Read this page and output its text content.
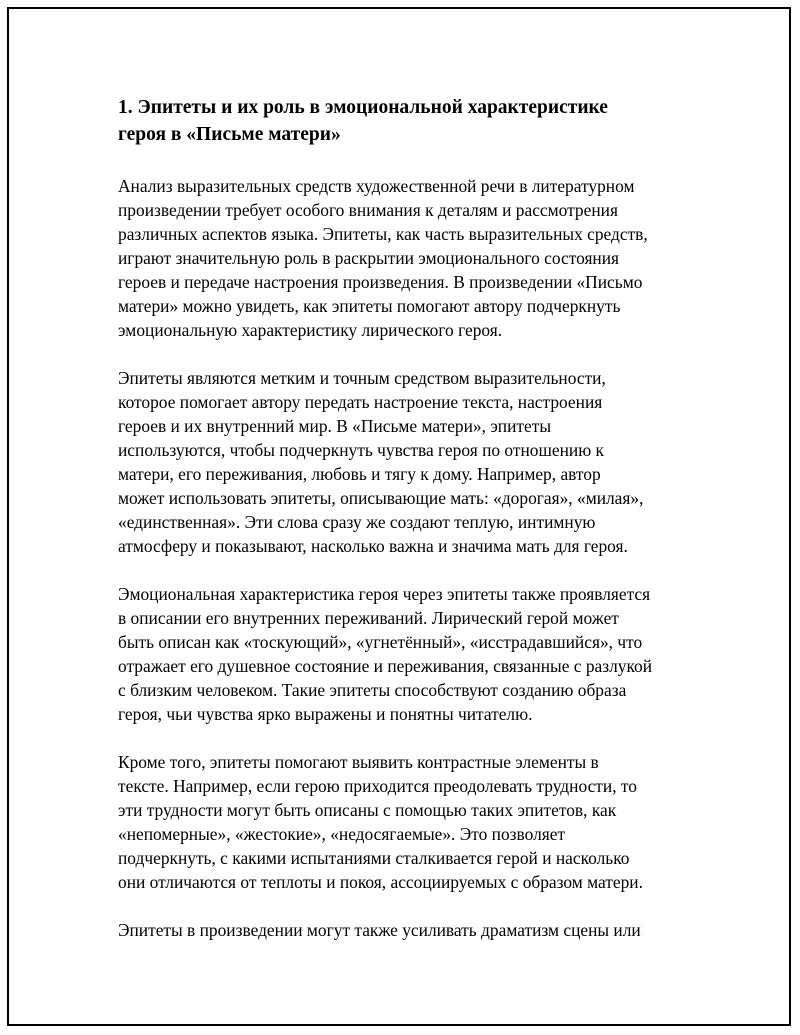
1. Эпитеты и их роль в эмоциональной характеристике
героя в «Письме матери»

Анализ выразительных средств художественной речи в литературном
произведении требует особого внимания к деталям и рассмотрения
различных аспектов языка. Эпитеты, как часть выразительных средств,
играют значительную роль в раскрытии эмоционального состояния
героев и передаче настроения произведения. В произведении «Письмо
матери» можно увидеть, как эпитеты помогают автору подчеркнуть
эмоциональную характеристику лирического героя.

Эпитеты являются метким и точным средством выразительности,
которое помогает автору передать настроение текста, настроения
героев и их внутренний мир. В «Письме матери», эпитеты
используются, чтобы подчеркнуть чувства героя по отношению к
матери, его переживания, любовь и тягу к дому. Например, автор
может использовать эпитеты, описывающие мать: «дорогая», «милая»,
«единственная». Эти слова сразу же создают теплую, интимную
атмосферу и показывают, насколько важна и значима мать для героя.

Эмоциональная характеристика героя через эпитеты также проявляется
в описании его внутренних переживаний. Лирический герой может
быть описан как «тоскующий», «угнетённый», «исстрадавшийся», что
отражает его душевное состояние и переживания, связанные с разлукой
с близким человеком. Такие эпитеты способствуют созданию образа
героя, чьи чувства ярко выражены и понятны читателю.

Кроме того, эпитеты помогают выявить контрастные элементы в
тексте. Например, если герою приходится преодолевать трудности, то
эти трудности могут быть описаны с помощью таких эпитетов, как
«непомерные», «жестокие», «недосягаемые». Это позволяет
подчеркнуть, с какими испытаниями сталкивается герой и насколько
они отличаются от теплоты и покоя, ассоциируемых с образом матери.

Эпитеты в произведении могут также усиливать драматизм сцены или
